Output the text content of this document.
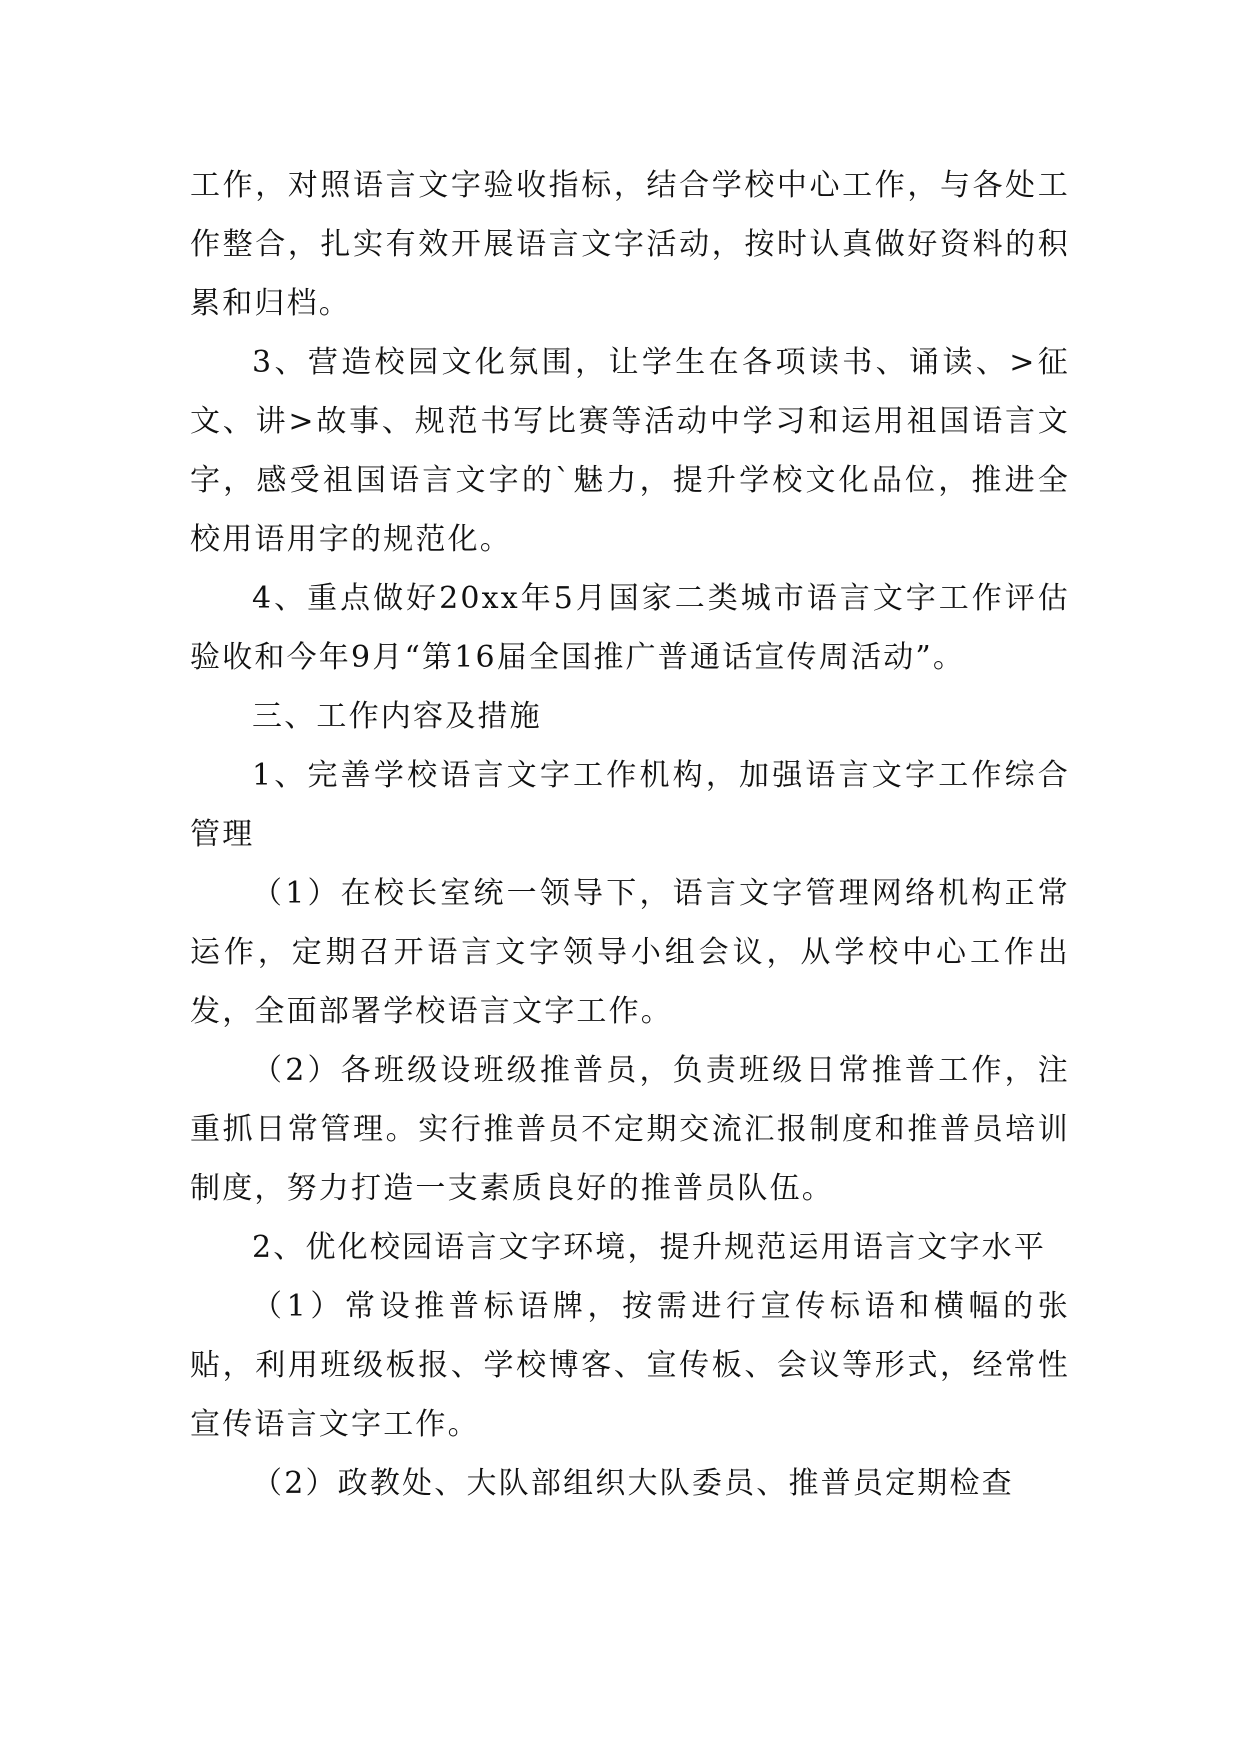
工作，对照语言文字验收指标，结合学校中心工作，与各处工作整合，扎实有效开展语言文字活动，按时认真做好资料的积累和归档。

3、营造校园文化氛围，让学生在各项读书、诵读、>征文、讲>故事、规范书写比赛等活动中学习和运用祖国语言文字，感受祖国语言文字的`魅力，提升学校文化品位，推进全校用语用字的规范化。

4、重点做好20xx年5月国家二类城市语言文字工作评估验收和今年9月“第16届全国推广普通话宣传周活动”。

三、工作内容及措施

1、完善学校语言文字工作机构，加强语言文字工作综合管理

（1）在校长室统一领导下，语言文字管理网络机构正常运作，定期召开语言文字领导小组会议，从学校中心工作出发，全面部署学校语言文字工作。

（2）各班级设班级推普员，负责班级日常推普工作，注重抓日常管理。实行推普员不定期交流汇报制度和推普员培训制度，努力打造一支素质良好的推普员队伍。

2、优化校园语言文字环境，提升规范运用语言文字水平

（1）常设推普标语牌，按需进行宣传标语和横幅的张贴，利用班级板报、学校博客、宣传板、会议等形式，经常性宣传语言文字工作。

（2）政教处、大队部组织大队委员、推普员定期检查
